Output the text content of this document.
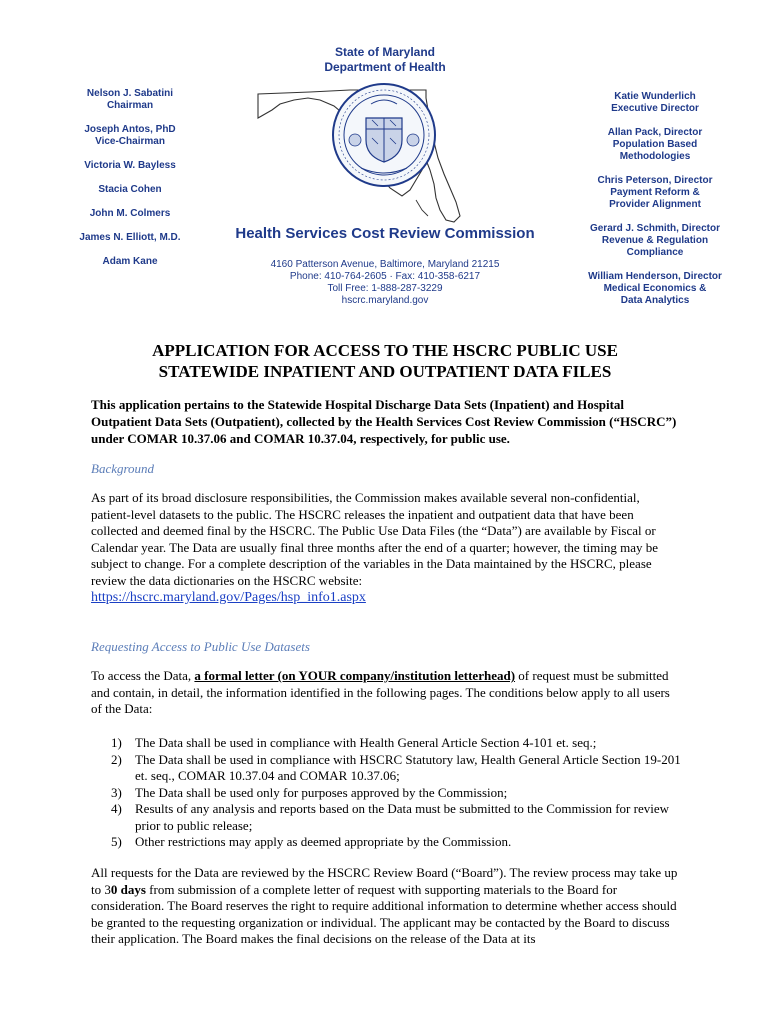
State of Maryland
Department of Health
Nelson J. Sabatini
Chairman
Joseph Antos, PhD
Vice-Chairman
Victoria W. Bayless
Stacia Cohen
John M. Colmers
James N. Elliott, M.D.
Adam Kane
Health Services Cost Review Commission
4160 Patterson Avenue, Baltimore, Maryland 21215
Phone: 410-764-2605 · Fax: 410-358-6217
Toll Free: 1-888-287-3229
hscrc.maryland.gov
Katie Wunderlich
Executive Director
Allan Pack, Director
Population Based
Methodologies
Chris Peterson, Director
Payment Reform &
Provider Alignment
Gerard J. Schmith, Director
Revenue & Regulation
Compliance
William Henderson, Director
Medical Economics &
Data Analytics
APPLICATION FOR ACCESS TO THE HSCRC PUBLIC USE
STATEWIDE INPATIENT AND OUTPATIENT DATA FILES
This application pertains to the Statewide Hospital Discharge Data Sets (Inpatient) and Hospital Outpatient Data Sets (Outpatient), collected by the Health Services Cost Review Commission (“HSCRC”) under COMAR 10.37.06 and COMAR 10.37.04, respectively, for public use.
Background
As part of its broad disclosure responsibilities, the Commission makes available several non-confidential, patient-level datasets to the public. The HSCRC releases the inpatient and outpatient data that have been collected and deemed final by the HSCRC. The Public Use Data Files (the “Data”) are available by Fiscal or Calendar year. The Data are usually final three months after the end of a quarter; however, the timing may be subject to change. For a complete description of the variables in the Data maintained by the HSCRC, please review the data dictionaries on the HSCRC website:
https://hscrc.maryland.gov/Pages/hsp_info1.aspx
Requesting Access to Public Use Datasets
To access the Data, a formal letter (on YOUR company/institution letterhead) of request must be submitted and contain, in detail, the information identified in the following pages. The conditions below apply to all users of the Data:
1) The Data shall be used in compliance with Health General Article Section 4-101 et. seq.;
2) The Data shall be used in compliance with HSCRC Statutory law, Health General Article Section 19-201 et. seq., COMAR 10.37.04 and COMAR 10.37.06;
3) The Data shall be used only for purposes approved by the Commission;
4) Results of any analysis and reports based on the Data must be submitted to the Commission for review prior to public release;
5) Other restrictions may apply as deemed appropriate by the Commission.
All requests for the Data are reviewed by the HSCRC Review Board (“Board”). The review process may take up to 30 days from submission of a complete letter of request with supporting materials to the Board for consideration. The Board reserves the right to require additional information to determine whether access should be granted to the requesting organization or individual. The applicant may be contacted by the Board to discuss their application. The Board makes the final decisions on the release of the Data at its
